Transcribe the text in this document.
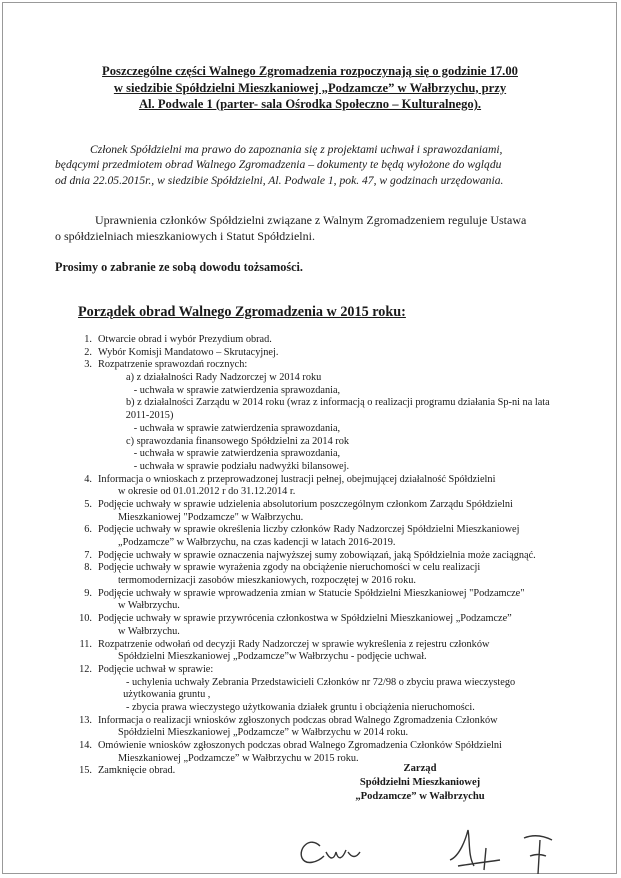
Poszczególne części Walnego Zgromadzenia rozpoczynają się o godzinie 17.00
w siedzibie Spółdzielni Mieszkaniowej „Podzamcze” w Wałbrzychu, przy
Al. Podwale 1 (parter- sala Ośrodka Społeczno – Kulturalnego).
Członek Spółdzielni ma prawo do zapoznania się z projektami uchwał i sprawozdaniami,
będącymi przedmiotem obrad Walnego Zgromadzenia – dokumenty te będą wyłożone do wglądu
od dnia 22.05.2015r., w siedzibie Spółdzielni, Al. Podwale 1, pok. 47, w godzinach urzędowania.
Uprawnienia członków Spółdzielni związane z Walnym Zgromadzeniem reguluje Ustawa
o spółdzielniach mieszkaniowych i Statut Spółdzielni.
Prosimy o zabranie ze sobą dowodu tożsamości.
Porządek obrad Walnego Zgromadzenia w 2015 roku:
1. Otwarcie obrad i wybór Prezydium obrad.
2. Wybór Komisji Mandatowo – Skrutacyjnej.
3. Rozpatrzenie sprawozdań rocznych:
a) z działalności Rady Nadzorczej w 2014 roku
- uchwała w sprawie zatwierdzenia sprawozdania,
b) z działalności Zarządu w 2014 roku (wraz z informacją o realizacji programu działania Sp-ni na lata
2011-2015)
- uchwała w sprawie zatwierdzenia sprawozdania,
c) sprawozdania finansowego Spółdzielni za 2014 rok
- uchwała w sprawie zatwierdzenia sprawozdania,
- uchwała w sprawie podziału nadwyżki bilansowej.
4. Informacja o wnioskach z przeprowadzonej lustracji pełnej, obejmującej działalność Spółdzielni
w okresie od 01.01.2012 r do 31.12.2014 r.
5. Podjęcie uchwały w sprawie udzielenia absolutorium poszczególnym członkom Zarządu Spółdzielni
Mieszkaniowej "Podzamcze" w Wałbrzychu.
6. Podjęcie uchwały w sprawie określenia liczby członków Rady Nadzorczej Spółdzielni Mieszkaniowej
„Podzamcze” w Wałbrzychu, na czas kadencji w latach 2016-2019.
7. Podjęcie uchwały w sprawie oznaczenia najwyższej sumy zobowiązań, jaką Spółdzielnia może zaciągnąć.
8. Podjęcie uchwały w sprawie wyrażenia zgody na obciążenie nieruchomości w celu realizacji
termomodernizacji zasobów mieszkaniowych, rozpoczętej w 2016 roku.
9. Podjęcie uchwały w sprawie wprowadzenia zmian w Statucie Spółdzielni Mieszkaniowej "Podzamcze"
w Wałbrzychu.
10. Podjęcie uchwały w sprawie przywrócenia członkostwa w Spółdzielni Mieszkaniowej „Podzamcze”
w Wałbrzychu.
11. Rozpatrzenie odwołań od decyzji Rady Nadzorczej w sprawie wykreślenia z rejestru członków
Spółdzielni Mieszkaniowej „Podzamcze”w Wałbrzychu - podjęcie uchwał.
12. Podjęcie uchwał w sprawie:
- uchylenia uchwały Zebrania Przedstawicieli Członków nr 72/98 o zbyciu prawa wieczystego
użytkowania gruntu ,
- zbycia prawa wieczystego użytkowania działek gruntu i obciążenia nieruchomości.
13. Informacja o realizacji wniosków zgłoszonych podczas obrad Walnego Zgromadzenia Członków
Spółdzielni Mieszkaniowej „Podzamcze” w Wałbrzychu w 2014 roku.
14. Omówienie wniosków zgłoszonych podczas obrad Walnego Zgromadzenia Członków Spółdzielni
Mieszkaniowej „Podzamcze” w Wałbrzychu w 2015 roku.
15. Zamknięcie obrad.	Zarząd
Spółdzielni Mieszkaniowej
„Podzamcze” w Wałbrzychu
